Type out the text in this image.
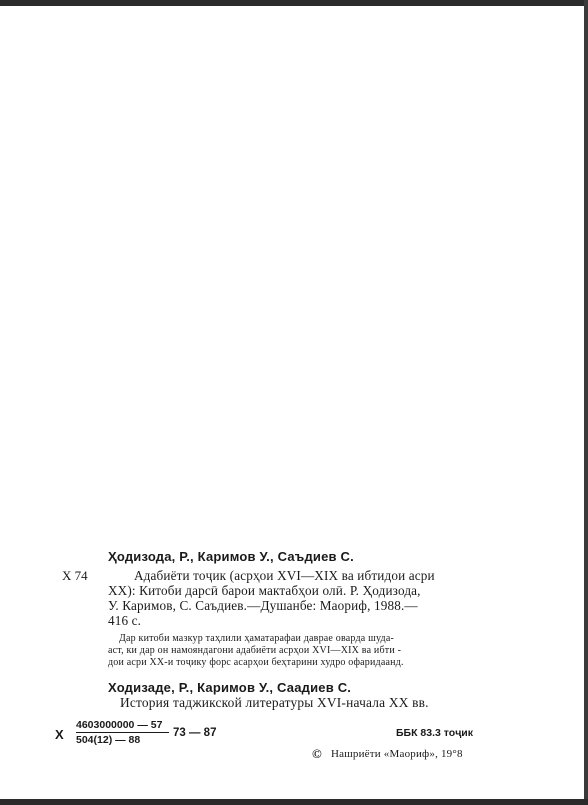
Ҳодизода, Р., Каримов У., Саъдиев С.

Х 74	Адабиёти тоҷик (асрҳои XVI—XIX ва ибтидои асри

XX): Китоби дарсӣ барои мактабҳои олӣ. Р. Ҳодизода,

У. Каримов, С. Саъдиев.—Душанбе: Маориф, 1988.—

416 с.

Дар китоби мазкур таҳлили ҳаматарафаи даврае оварда шуда-

аст, ки дар он намояндагони адабиёти асрҳои XVI—XIX ва ибти -

дои асри XX-и тоҷику форс асарҳои беҳтарини худро офаридаанд.

Ходизаде, Р., Каримов У., Саадиев С.

История таджикской литературы XVI-начала XX вв.

Х

4603000000 — 57

504(12) — 88

73 — 87	ББК 83.3 тоҷик

© Нашриёти «Маориф», 19°8
